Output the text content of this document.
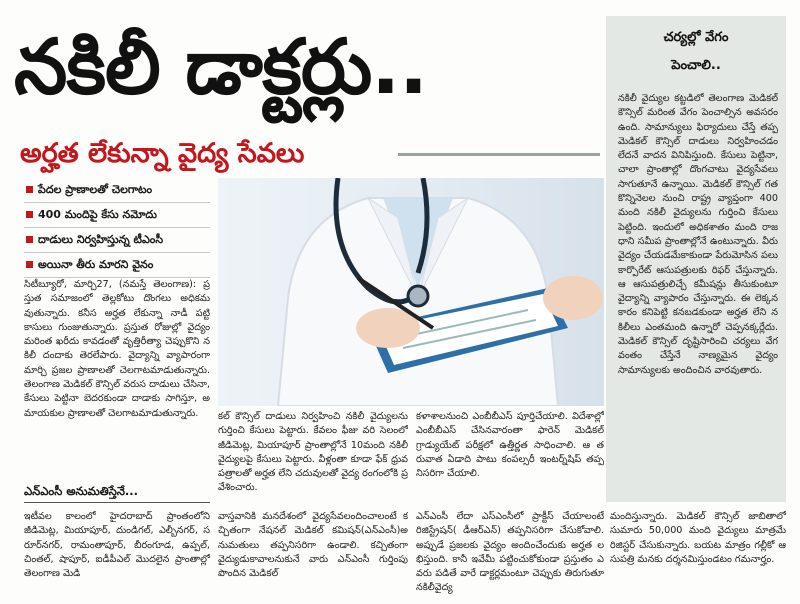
నకిలీ డాక్టర్లు..
అర్హత లేకున్నా వైద్య సేవలు
పేదల ప్రాణాలతో చెలగాటం
400 మందిపై కేసు నమోదు
దాడులు నిర్వహిస్తున్న టీఎంసీ
అయినా తీరు మారని వైనం
సిటీబ్యూరో, మార్చి27, (నమస్తే తెలంగాణ): ప్రస్తుత సమాజంలో తెల్లకోటు దొంగలు అధికమవుతున్నారు. కనీస అర్హత లేకున్నా నాడీ పట్టి కాసులు గుంజుతున్నారు. ప్రస్తుత రోజుల్లో వైద్యం మరింత ఖరీదు కావడంతో వృత్తిరీత్యా చెప్పుకొని నకిలీ దందాకు తెరలేపారు. వైద్యాన్ని వ్యాపారంగా మార్చి ప్రజల ప్రాణాలతో చెలగాటమాడుతున్నారు. తెలంగాణ మెడికల్ కౌన్సిల్ వరుస దాడులు చేసినా, కేసులు పెట్టినా బెదరకుండా దాడాకు సాగిస్తూ, అమాయకుల ప్రాణాలతో చెలగాటమాడుతున్నారు.
ఎన్ఎంసీ అనుమతిస్తేనే...
కల్ కౌన్సిల్ దాడులు నిర్వహించి నకిలీ వైద్యులను గుర్తించి కేసులు పెట్టారు. కేవలం ఫీజు వరి సెలంలో జీడిమెట్ల, మియాపూర్ ప్రాంతాల్లోనే 10మంది నకిలీ వైద్యులపై కేసులు పెట్టారు. వీళ్లంతా కూడా ఫేక్ ధ్రువపత్రాలతో అర్హత లేని చదువులతో వైద్య రంగంలోకి ప్రవేశించారు.
కళాశాలనుంచి ఎంబీబీఎస్ పూర్తిచేయాలి. విదేశాల్లో ఎంబీబీఎస్ చేసినవారంతా ఫారెన్ మెడికల్ గ్రాడ్యుయేట్ పరీక్షలో ఉత్తీర్ణత సాధించాలి. ఆ తరువాత ఏడాది పాటు కంపల్సరీ ఇంటర్న్‌షిప్ తప్పనిసరిగా చేయాలి.
ఇటీవల కాలంలో హైదరాబాద్ ప్రాంతంలోని జీడిమెట్ల, మియాపూర్, దుండిగల్, ఎల్బీనగర్, సరూర్‌నగర్, రామంతాపూర్, బీరంగూడ, ఉప్పల్, చింతల్, షాపూర్, ఐడీపీఎల్ మొదలైన ప్రాంతాల్లో తెలంగాణ మెడి
వాస్తవానికి మనదేశంలో వైద్యసేవలందించాలంటే కచ్చితంగా నేషనల్ మెడికల్ కమిషన్(ఎన్ఎంసీ)అనుమతులు తప్పనిసరిగా ఉండాలి. కచ్చితంగా వైద్యుడుకావాలనుకునే వారు ఎన్ఎంసీ గుర్తింపు పొందిన మెడికల్
ఎన్ఎంసీ లేదా ఎస్ఎంసీలో ప్రాక్టీస్ చేయాలంటే రిజిస్ట్రేషన్( డీఆర్ఎన్) తప్పనిసరిగా చేసుకోవాలి. అప్పుడే ప్రజలకు వైద్యం అందించేందుకు అర్హత లభిస్తుంది. కానీ ఇవేమీ పట్టించుకోకుండా ప్రస్తుతం ఎవరు పడితే వారే డాక్టర్లమంటూ చెప్పుకు తిరుగుతూ నకిలీవైద్య
మందిస్తున్నారు. మెడికల్ కౌన్సిల్ జాబితాలో సుమారు 50,000 మంది వైద్యులు మాత్రమే రిజిస్టర్ చేసుకున్నారు. బయట మాత్రం గల్లీకో ఆసుపత్రి మనకు దర్శనమిస్తుండటం గమనార్హం.
చర్యల్లో వేగం
పెంచాలి..
నకిలీ వైద్యుల కట్టడిలో తెలంగాణ మెడికల్ కౌన్సిల్ మరింత వేగం పెంచాల్సిన అవసరం ఉంది. సామాన్యులు ఫిర్యాదులు చేస్తే తప్ప మెడికల్ కౌన్సిల్ దాడులు నిర్వహించడం లేదనే వాదన వినిపిస్తుంది. కేసులు పెట్టినా, చాలా ప్రాంతాల్లో దొంగచాటు వైద్యసేవలు సాగుతూనే ఉన్నాయి. మెడికల్ కౌన్సిల్ గత కొన్నినెలల నుంచి రాష్ట్ర వ్యాప్తంగా 400 మంది నకిలీ వైద్యులను గుర్తించి కేసులు పెట్టింది. ఇందులో అధికశాతం మంది రాజధాని సమీప ప్రాంతాల్లోనే ఉంటున్నారు. వీరు వైద్యం చేయడమేకాకుండా పేరుమోసిన పలు కార్పొరేట్ ఆసుపత్రులకు రిఫర్ చేస్తున్నారు. ఆ ఆసుపత్రులిచ్చే కమీషన్లు తీసుకుంటూ వైద్యాన్ని వ్యాపారం చేస్తున్నారు. ఈ లెక్కన కారం కనిపెట్టి కనబడకుండా అర్హత లేని నకిలీలు ఎంతమంది ఉన్నారో చెప్పనక్కర్లేదు. మెడికల్ కౌన్సిల్ దృష్టిసారించి చర్యలు వేగవంతం చేస్తేనే నాణ్యమైన వైద్యం సామాన్యులకు అందించిన వారవుతారు.
